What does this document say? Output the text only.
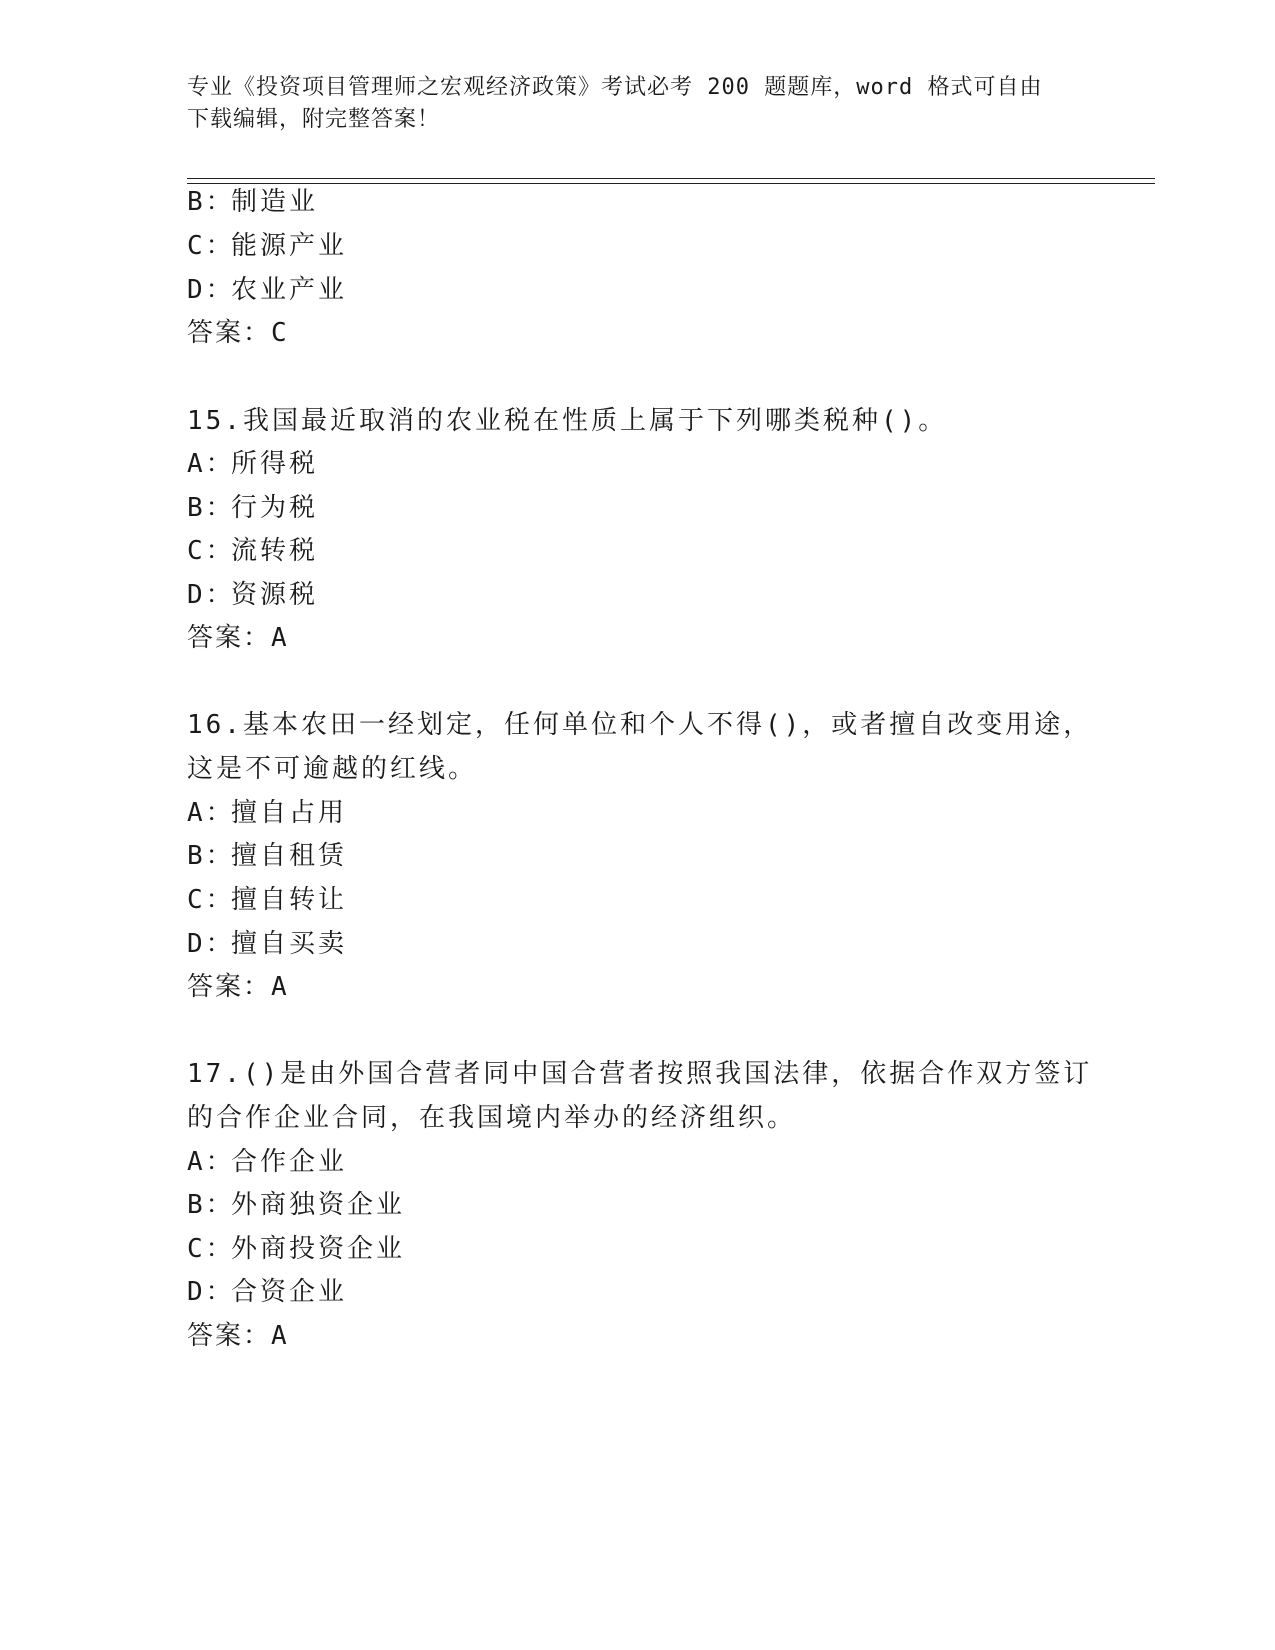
专业《投资项目管理师之宏观经济政策》考试必考 200 题题库，word 格式可自由
下载编辑，附完整答案！
B：制造业
C：能源产业
D：农业产业
答案：C
15.我国最近取消的农业税在性质上属于下列哪类税种()。
A：所得税
B：行为税
C：流转税
D：资源税
答案：A
16.基本农田一经划定，任何单位和个人不得()，或者擅自改变用途，
这是不可逾越的红线。
A：擅自占用
B：擅自租赁
C：擅自转让
D：擅自买卖
答案：A
17.()是由外国合营者同中国合营者按照我国法律，依据合作双方签订
的合作企业合同，在我国境内举办的经济组织。
A：合作企业
B：外商独资企业
C：外商投资企业
D：合资企业
答案：A
